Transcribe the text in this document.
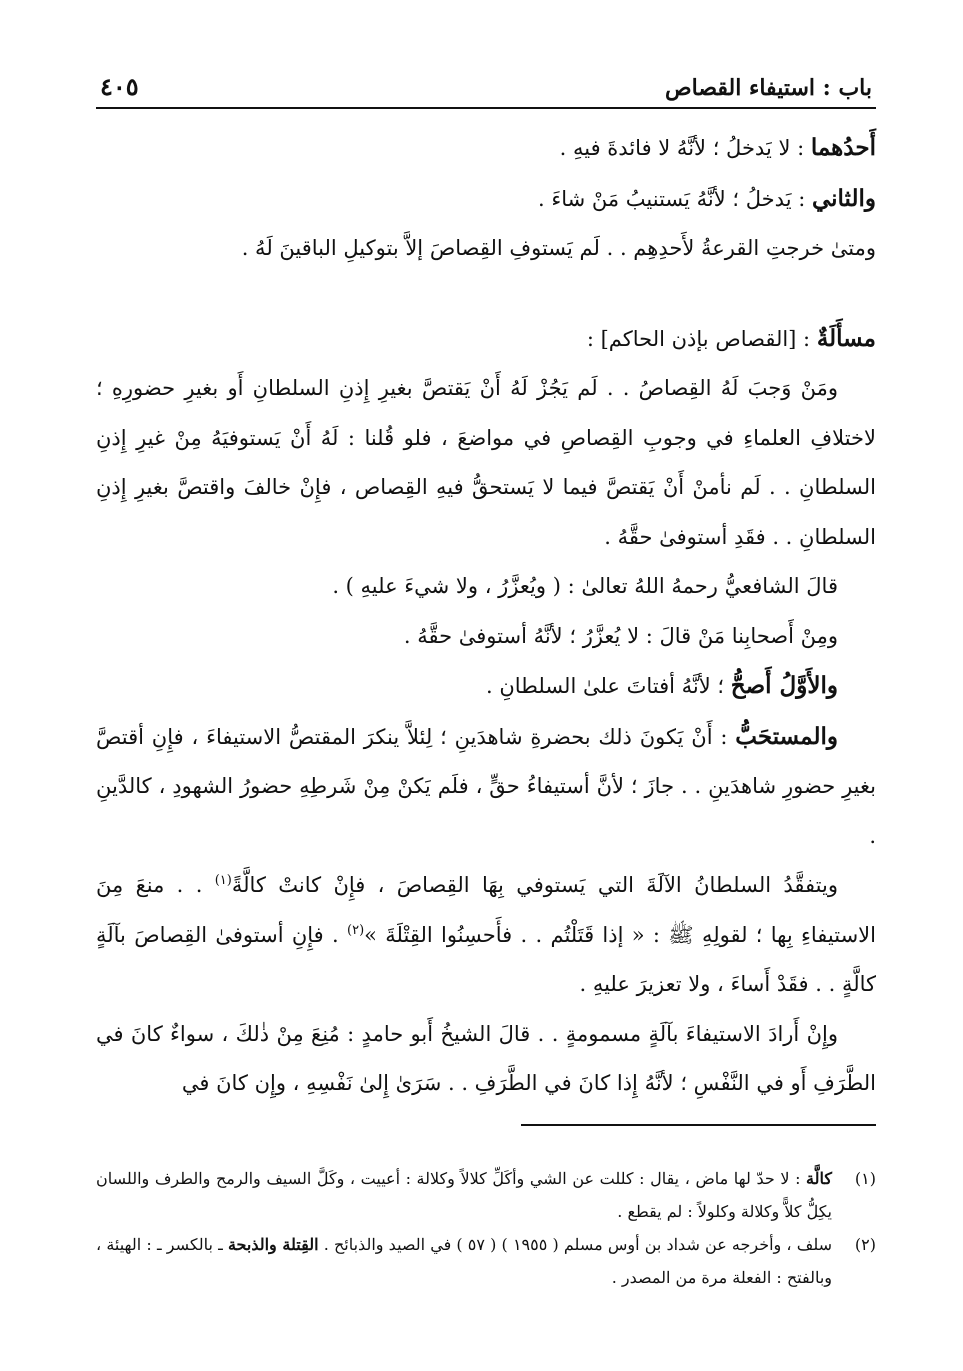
باب : استيفاء القصاص
٤٠٥

أَحدُهما : لا يَدخلُ ؛ لأنَّهُ لا فائدةَ فيهِ .

والثاني : يَدخلُ ؛ لأنَّهُ يَستنيبُ مَنْ شاءَ .

ومتىٰ خرجتِ القرعةُ لأَحدِهِم . . لَم يَستوفِ القِصاصَ إلاَّ بتوكيلِ الباقينَ لَهُ .

مسأَلَةٌ : [القصاص بإذن الحاكم] :

ومَنْ وَجبَ لَهُ القِصاصُ . . لَم يَجُزْ لَهُ أَنْ يَقتصَّ بغيرِ إِذنِ السلطانِ أَو بغيرِ حضورِهِ ؛ لاختلافِ العلماءِ في وجوبِ القِصاصِ في مواضعَ ، فلو قُلنا : لَهُ أَنْ يَستوفيَهُ مِنْ غيرِ إِذنِ السلطانِ . . لَم نأمنْ أَنْ يَقتصَّ فيما لا يَستحقُّ فيهِ القِصاص ، فإِنْ خالفَ واقتصَّ بغيرِ إِذنِ السلطانِ . . فقَدِ أستوفىٰ حقَّهُ .

قالَ الشافعيُّ رحمهُ اللهُ تعالىٰ : ( ويُعزَّرُ ، ولا شيءَ عليهِ ) .

ومِنْ أَصحابِنا مَنْ قالَ : لا يُعزَّرُ ؛ لأنَّهُ أستوفىٰ حقَّهُ .

والأَوَّلُ أَصحُّ ؛ لأنَّهُ أفتاتَ علىٰ السلطانِ .

والمستحَبُّ : أَنْ يَكونَ ذلك بحضرةِ شاهدَينِ ؛ لِئلاَّ ينكرَ المقتصُّ الاستيفاءَ ، فإِنِ أقتصَّ بغيرِ حضورِ شاهدَينِ . . جازَ ؛ لأنَّ أستيفاءُ حقٍّ ، فلَم يَكنْ مِنْ شَرطِهِ حضورُ الشهودِ ، كالدَّينِ .

ويتفقَّدُ السلطانُ الآلَةَ التي يَستوفي بِهَا القِصاصَ ، فإِنْ كانتْ كالَّةً$^{(١)}$ . . منعَ مِنَ الاستيفاءِ بِها ؛ لقولِهِ ﷺ : « إذا قَتَلْتُم . . فأَحسِنُوا القِتْلَةَ »$^{(٢)}$ . فإِنِ أستوفىٰ القِصاصَ بآلَةٍ كالَّةٍ . . فقَدْ أَساءَ ، ولا تعزيرَ عليهِ .

وإِنْ أَرادَ الاستيفاءَ بآلَةٍ مسمومةٍ . . قالَ الشيخُ أَبو حامدٍ : مُنِعَ مِنْ ذٰلكَ ، سواءٌ كانَ في الطَّرَفِ أَو في النَّفْسِ ؛ لأنَّهُ إِذا كانَ في الطَّرَفِ . . سَرَىٰ إِلىٰ نَفْسِهِ ، وإِن كانَ في

(١)
كالَّة : لا حدّ لها ماض ، يقال : كللت عن الشي وأكَلِّ كلالاً وكلالة : أعييت ، وكَلَّ السيف والرمح والطرف واللسان يكِلُّ كلاًّ وكلالة وكلولاً : لم يقطع .
(٢)
سلف ، وأخرجه عن شداد بن أوس مسلم ( ١٩٥٥ ) ( ٥٧ ) في الصيد والذبائح . القِتلة والذبحة ـ بالكسر ـ : الهيئة ، وبالفتح : الفعلة مرة من المصدر .
